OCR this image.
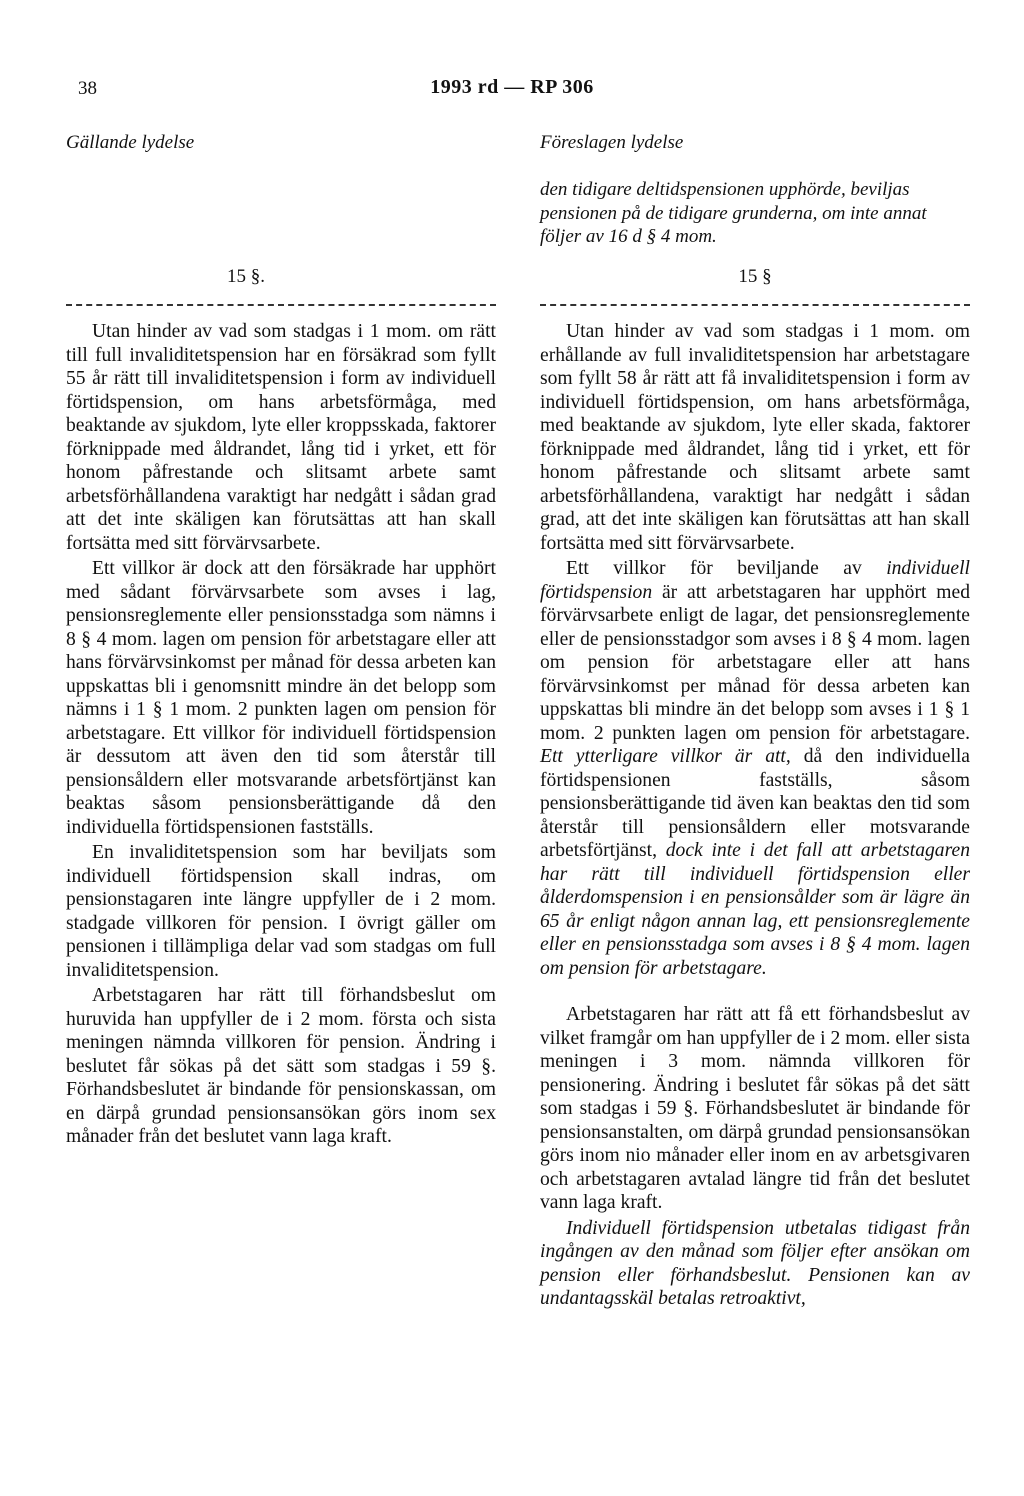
38	1993 rd — RP 306
Gällande lydelse
15 §.

Utan hinder av vad som stadgas i 1 mom. om rätt till full invaliditetspension har en försäkrad som fyllt 55 år rätt till invaliditetspension i form av individuell förtidspension, om hans arbetsförmåga, med beaktande av sjukdom, lyte eller kroppsskada, faktorer förknippade med åldrandet, lång tid i yrket, ett för honom påfrestande och slitsamt arbete samt arbetsförhållandena varaktigt har nedgått i sådan grad att det inte skäligen kan förutsättas att han skall fortsätta med sitt förvärvsarbete.

Ett villkor är dock att den försäkrade har upphört med sådant förvärvsarbete som avses i lag, pensionsreglemente eller pensionsstadga som nämns i 8 § 4 mom. lagen om pension för arbetstagare eller att hans förvärvsinkomst per månad för dessa arbeten kan uppskattas bli i genomsnitt mindre än det belopp som nämns i 1 § 1 mom. 2 punkten lagen om pension för arbetstagare. Ett villkor för individuell förtidspension är dessutom att även den tid som återstår till pensionsåldern eller motsvarande arbetsförtjänst kan beaktas såsom pensionsberättigande då den individuella förtidspensionen fastställs.

En invaliditetspension som har beviljats som individuell förtidspension skall indras, om pensionstagaren inte längre uppfyller de i 2 mom. stadgade villkoren för pension. I övrigt gäller om pensionen i tillämpliga delar vad som stadgas om full invaliditetspension.

Arbetstagaren har rätt till förhandsbeslut om huruvida han uppfyller de i 2 mom. första och sista meningen nämnda villkoren för pension. Ändring i beslutet får sökas på det sätt som stadgas i 59 §. Förhandsbeslutet är bindande för pensionskassan, om en därpå grundad pensionsansökan görs inom sex månader från det beslutet vann laga kraft.

Föreslagen lydelse
den tidigare deltidspensionen upphörde, beviljas pensionen på de tidigare grunderna, om inte annat följer av 16 d § 4 mom.
15 §

Utan hinder av vad som stadgas i 1 mom. om erhållande av full invaliditetspension har arbetstagare som fyllt 58 år rätt att få invaliditetspension i form av individuell förtidspension, om hans arbetsförmåga, med beaktande av sjukdom, lyte eller skada, faktorer förknippade med åldrandet, lång tid i yrket, ett för honom påfrestande och slitsamt arbete samt arbetsförhållandena, varaktigt har nedgått i sådan grad, att det inte skäligen kan förutsättas att han skall fortsätta med sitt förvärvsarbete.

Ett villkor för beviljande av individuell förtidspension är att arbetstagaren har upphört med förvärvsarbete enligt de lagar, det pensionsreglemente eller de pensionsstadgor som avses i 8 § 4 mom. lagen om pension för arbetstagare eller att hans förvärvsinkomst per månad för dessa arbeten kan uppskattas bli mindre än det belopp som avses i 1 § 1 mom. 2 punkten lagen om pension för arbetstagare. Ett ytterligare villkor är att, då den individuella förtidspensionen fastställs, såsom pensionsberättigande tid även kan beaktas den tid som återstår till pensionsåldern eller motsvarande arbetsförtjänst, dock inte i det fall att arbetstagaren har rätt till individuell förtidspension eller ålderdomspension i en pensionsålder som är lägre än 65 år enligt någon annan lag, ett pensionsreglemente eller en pensionsstadga som avses i 8 § 4 mom. lagen om pension för arbetstagare.

Arbetstagaren har rätt att få ett förhandsbeslut av vilket framgår om han uppfyller de i 2 mom. eller sista meningen i 3 mom. nämnda villkoren för pensionering. Ändring i beslutet får sökas på det sätt som stadgas i 59 §. Förhandsbeslutet är bindande för pensionsanstalten, om därpå grundad pensionsansökan görs inom nio månader eller inom en av arbetsgivaren och arbetstagaren avtalad längre tid från det beslutet vann laga kraft.

Individuell förtidspension utbetalas tidigast från ingången av den månad som följer efter ansökan om pension eller förhandsbeslut. Pensionen kan av undantagsskäl betalas retroaktivt,
